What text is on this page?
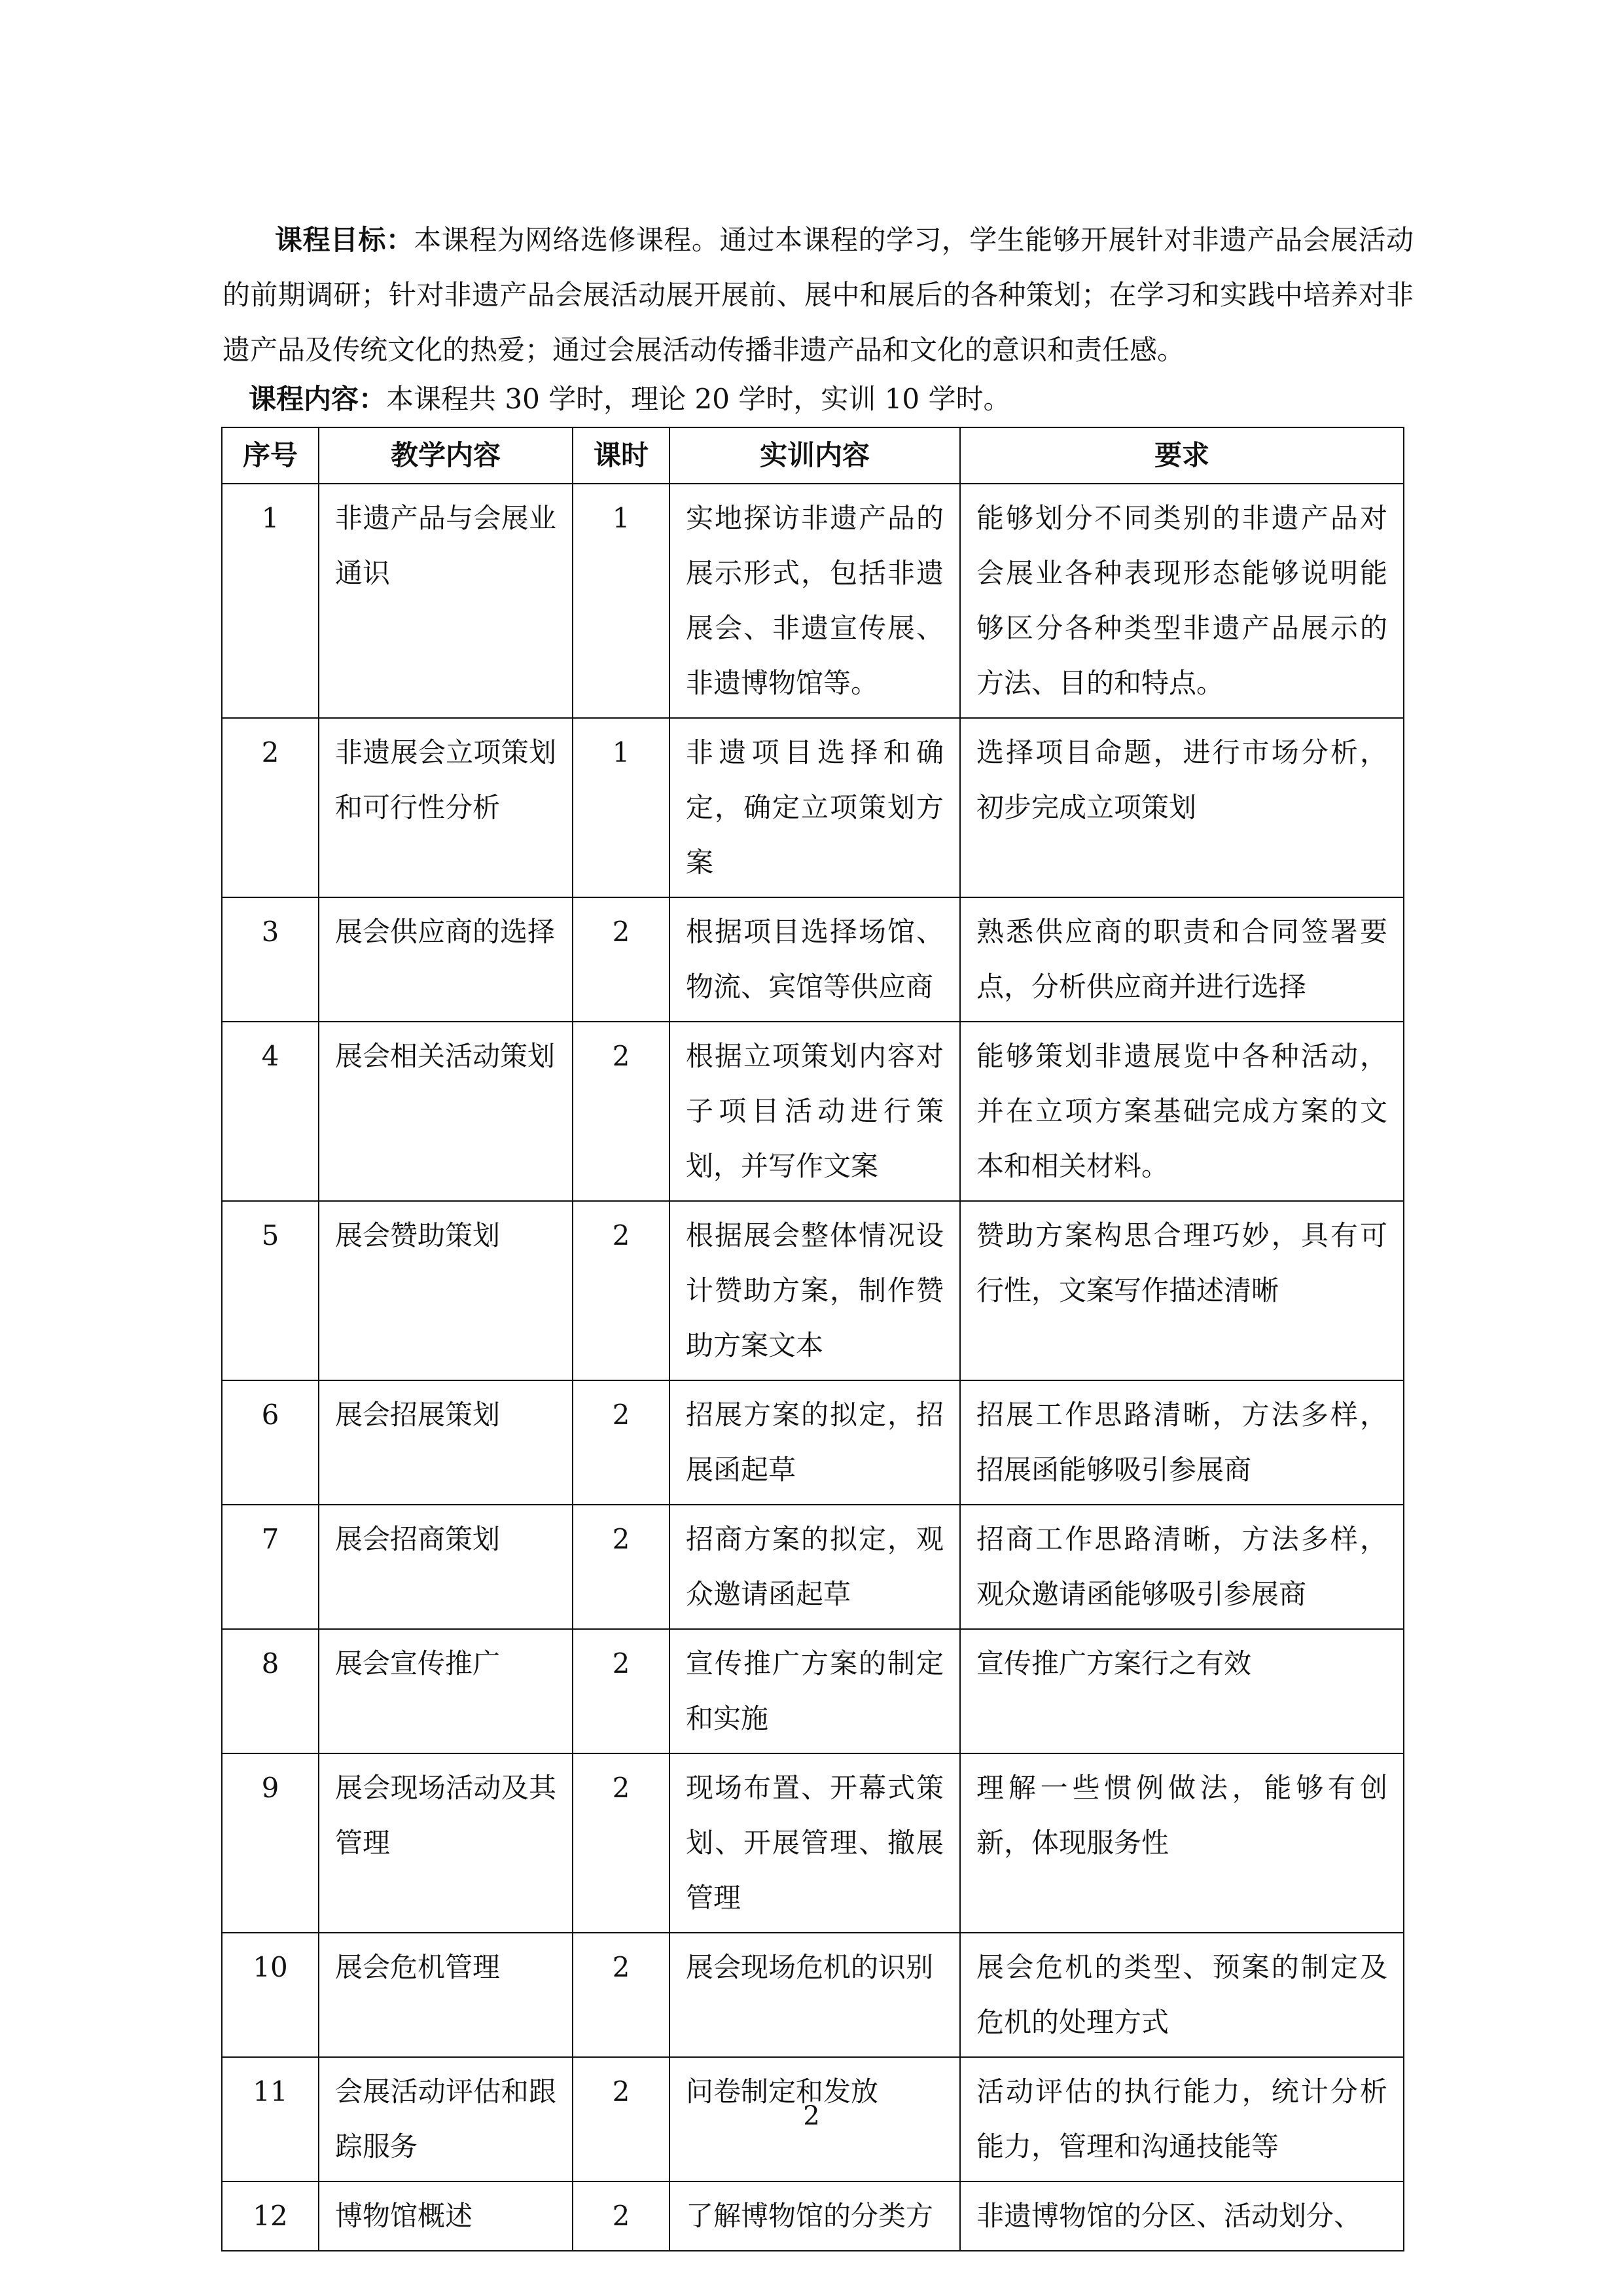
课程目标：本课程为网络选修课程。通过本课程的学习，学生能够开展针对非遗产品会展活动的前期调研；针对非遗产品会展活动展开展前、展中和展后的各种策划；在学习和实践中培养对非遗产品及传统文化的热爱；通过会展活动传播非遗产品和文化的意识和责任感。
课程内容：本课程共 30 学时，理论 20 学时，实训 10 学时。
序号	教学内容	课时	实训内容	要求
1	非遗产品与会展业通识	1	实地探访非遗产品的展示形式，包括非遗展会、非遗宣传展、非遗博物馆等。	能够划分不同类别的非遗产品对会展业各种表现形态能够说明能够区分各种类型非遗产品展示的方法、目的和特点。
2	非遗展会立项策划和可行性分析	1	非遗项目选择和确定，确定立项策划方案	选择项目命题，进行市场分析，初步完成立项策划
3	展会供应商的选择	2	根据项目选择场馆、物流、宾馆等供应商	熟悉供应商的职责和合同签署要点，分析供应商并进行选择
4	展会相关活动策划	2	根据立项策划内容对子项目活动进行策划，并写作文案	能够策划非遗展览中各种活动，并在立项方案基础完成方案的文本和相关材料。
5	展会赞助策划	2	根据展会整体情况设计赞助方案，制作赞助方案文本	赞助方案构思合理巧妙，具有可行性，文案写作描述清晰
6	展会招展策划	2	招展方案的拟定，招展函起草	招展工作思路清晰，方法多样，招展函能够吸引参展商
7	展会招商策划	2	招商方案的拟定，观众邀请函起草	招商工作思路清晰，方法多样，观众邀请函能够吸引参展商
8	展会宣传推广	2	宣传推广方案的制定和实施	宣传推广方案行之有效
9	展会现场活动及其管理	2	现场布置、开幕式策划、开展管理、撤展管理	理解一些惯例做法，能够有创新，体现服务性
10	展会危机管理	2	展会现场危机的识别	展会危机的类型、预案的制定及危机的处理方式
11	会展活动评估和跟踪服务	2	问卷制定和发放	活动评估的执行能力，统计分析能力，管理和沟通技能等
12	博物馆概述	2	了解博物馆的分类方	非遗博物馆的分区、活动划分、
2
